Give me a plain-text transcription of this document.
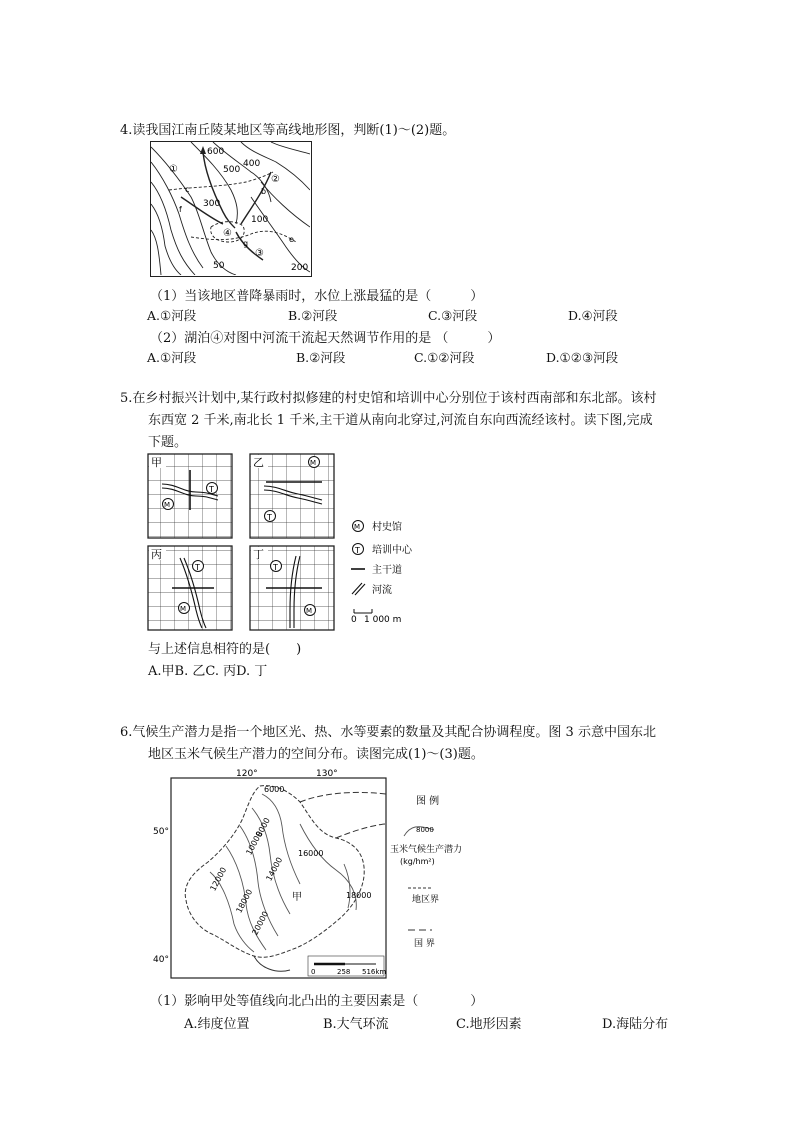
4.读我国江南丘陵某地区等高线地形图，判断(1)～(2)题。
600
500
400
300
100
50	200
①
②
③
④
b
c
f
g	e
（1）当该地区普降暴雨时，水位上涨最猛的是（　　　）
A.①河段	B.②河段	C.③河段	D.④河段
（2）湖泊④对图中河流干流起天然调节作用的是 （　　　）
A.①河段	B.②河段	C.①②河段	D.①②③河段
5.在乡村振兴计划中,某行政村拟修建的村史馆和培训中心分别位于该村西南部和东北部。该村
东西宽 2 千米,南北长 1 千米,主干道从南向北穿过,河流自东向西流经该村。读下图,完成
下题。
甲
T
M
乙	M
T
丙
T
M
丁
T
M
M 村史馆
T 培训中心
主干道
河流
0 1 000 m
与上述信息相符的是(　　)
A.甲B. 乙C. 丙D. 丁
6.气候生产潜力是指一个地区光、热、水等要素的数量及其配合协调程度。图 3 示意中国东北
地区玉米气候生产潜力的空间分布。读图完成(1)～(3)题。
120°	130°
50°
40°
6000
8000
10000
12000	14000
16000
18000	18000
20000
甲
0	258 516km
图 例
8000
玉米气候生产潜力
(kg/hm²)
地区界
国 界
（1）影响甲处等值线向北凸出的主要因素是（　　　　）
A.纬度位置	B.大气环流	C.地形因素	D.海陆分布
